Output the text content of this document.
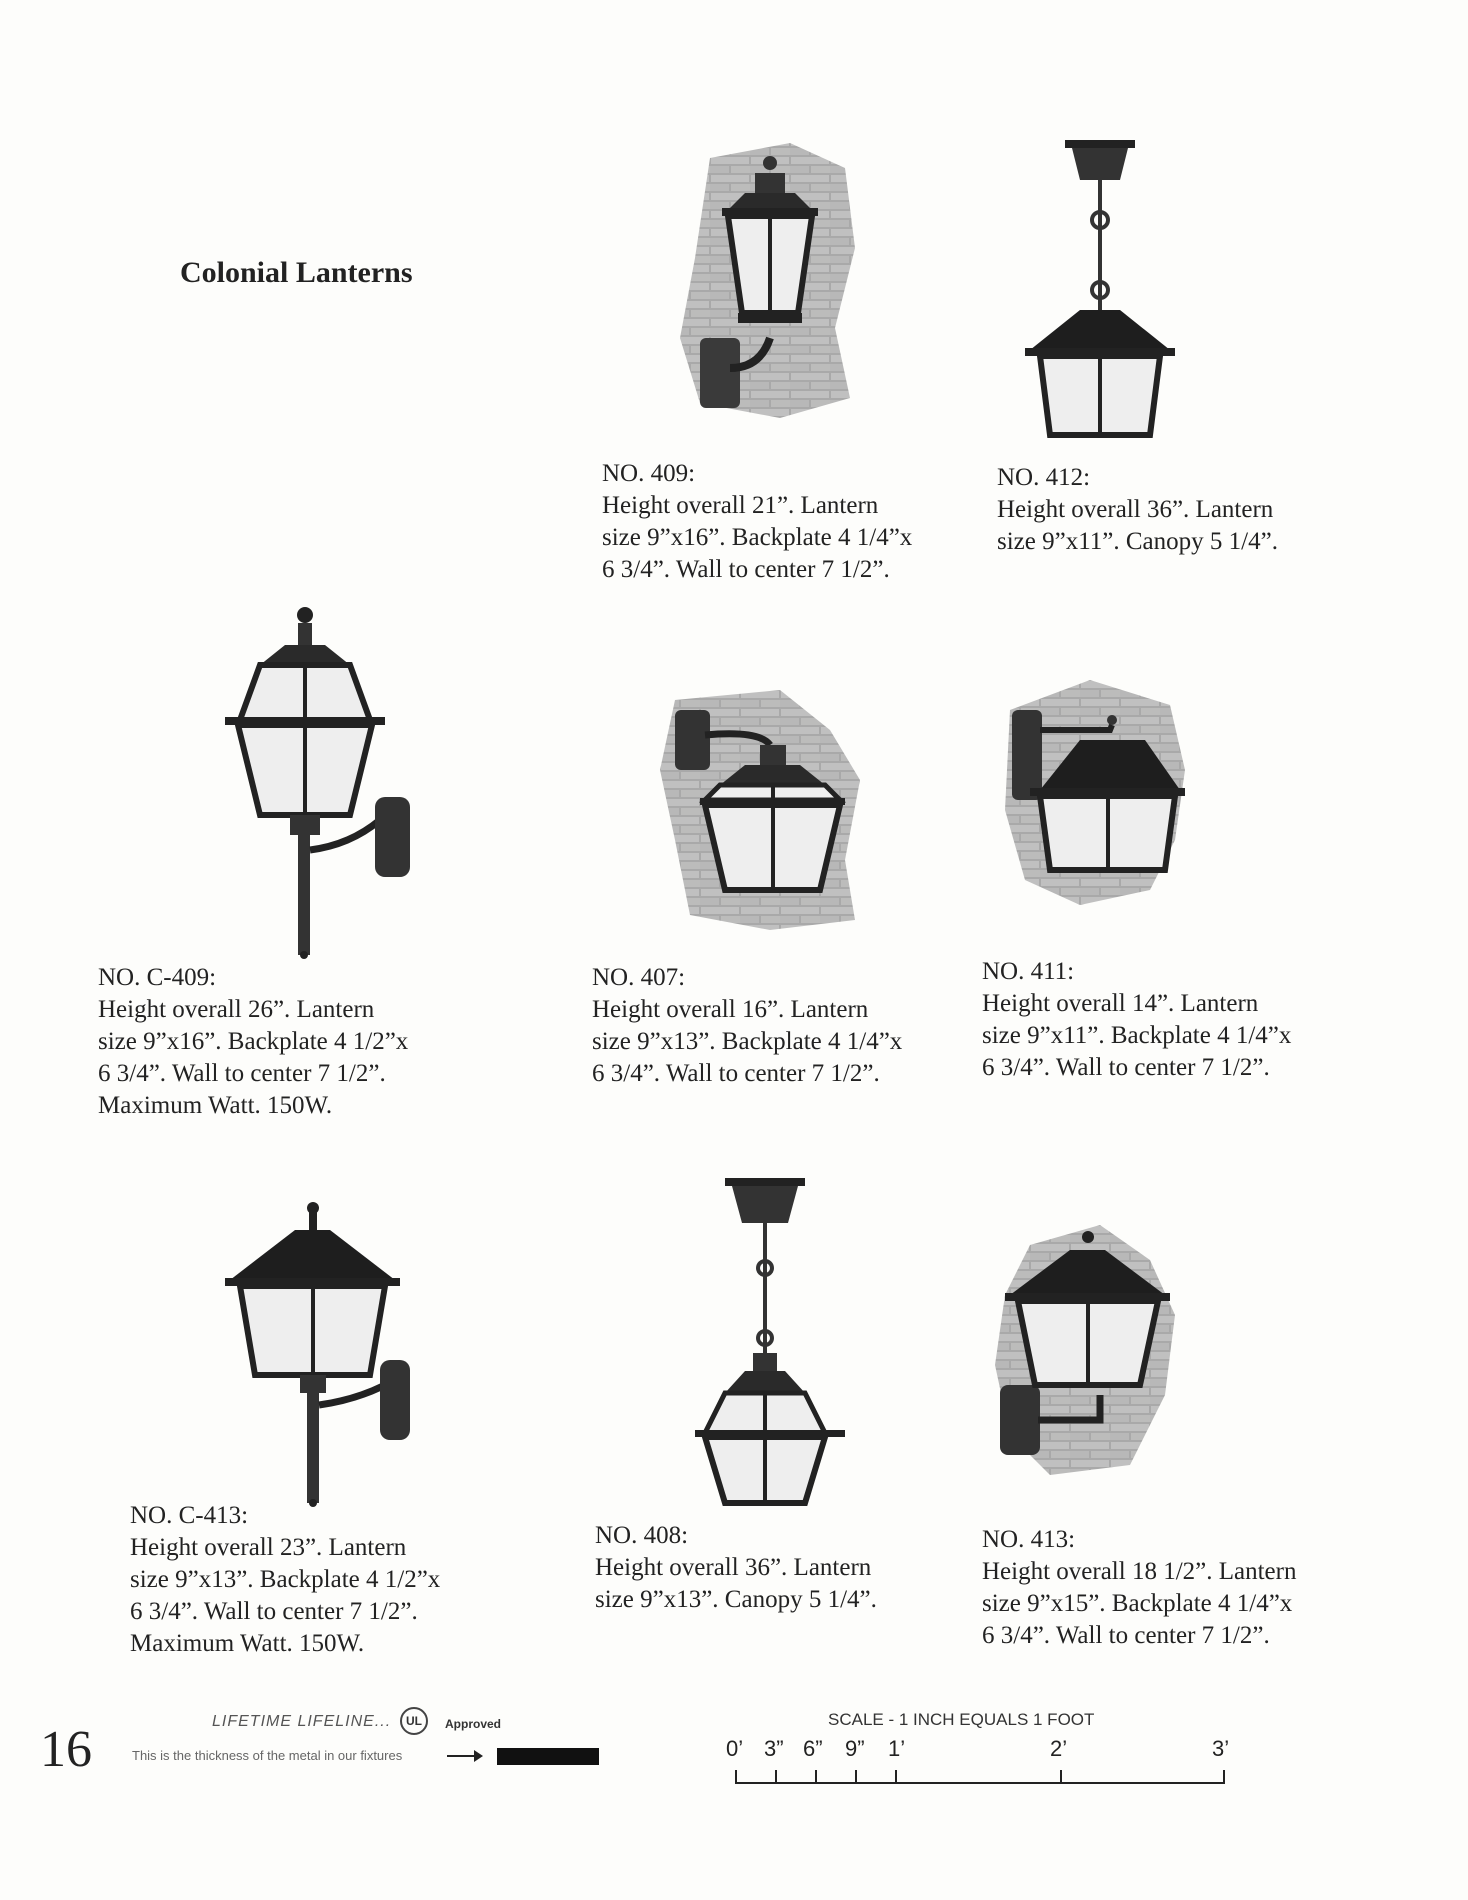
Colonial Lanterns
NO. 409:
Height overall 21”. Lantern
size 9”x16”. Backplate 4 1/4”x
6 3/4”. Wall to center 7 1/2”.
NO. 412:
Height overall 36”. Lantern
size 9”x11”. Canopy 5 1/4”.
NO. C-409:
Height overall 26”. Lantern
size 9”x16”. Backplate 4 1/2”x
6 3/4”. Wall to center 7 1/2”.
Maximum Watt. 150W.
NO. 407:
Height overall 16”. Lantern
size 9”x13”. Backplate 4 1/4”x
6 3/4”. Wall to center 7 1/2”.
NO. 411:
Height overall 14”. Lantern
size 9”x11”. Backplate 4 1/4”x
6 3/4”. Wall to center 7 1/2”.
NO. C-413:
Height overall 23”. Lantern
size 9”x13”. Backplate 4 1/2”x
6 3/4”. Wall to center 7 1/2”.
Maximum Watt. 150W.
NO. 408:
Height overall 36”. Lantern
size 9”x13”. Canopy 5 1/4”.
NO. 413:
Height overall 18 1/2”. Lantern
size 9”x15”. Backplate 4 1/4”x
6 3/4”. Wall to center 7 1/2”.
16	LIFETIME LIFELINE...	UL	Approved
This is the thickness of the metal in our fixtures
SCALE - 1 INCH EQUALS 1 FOOT
0’ 3” 6” 9” 1’	2’	3’
